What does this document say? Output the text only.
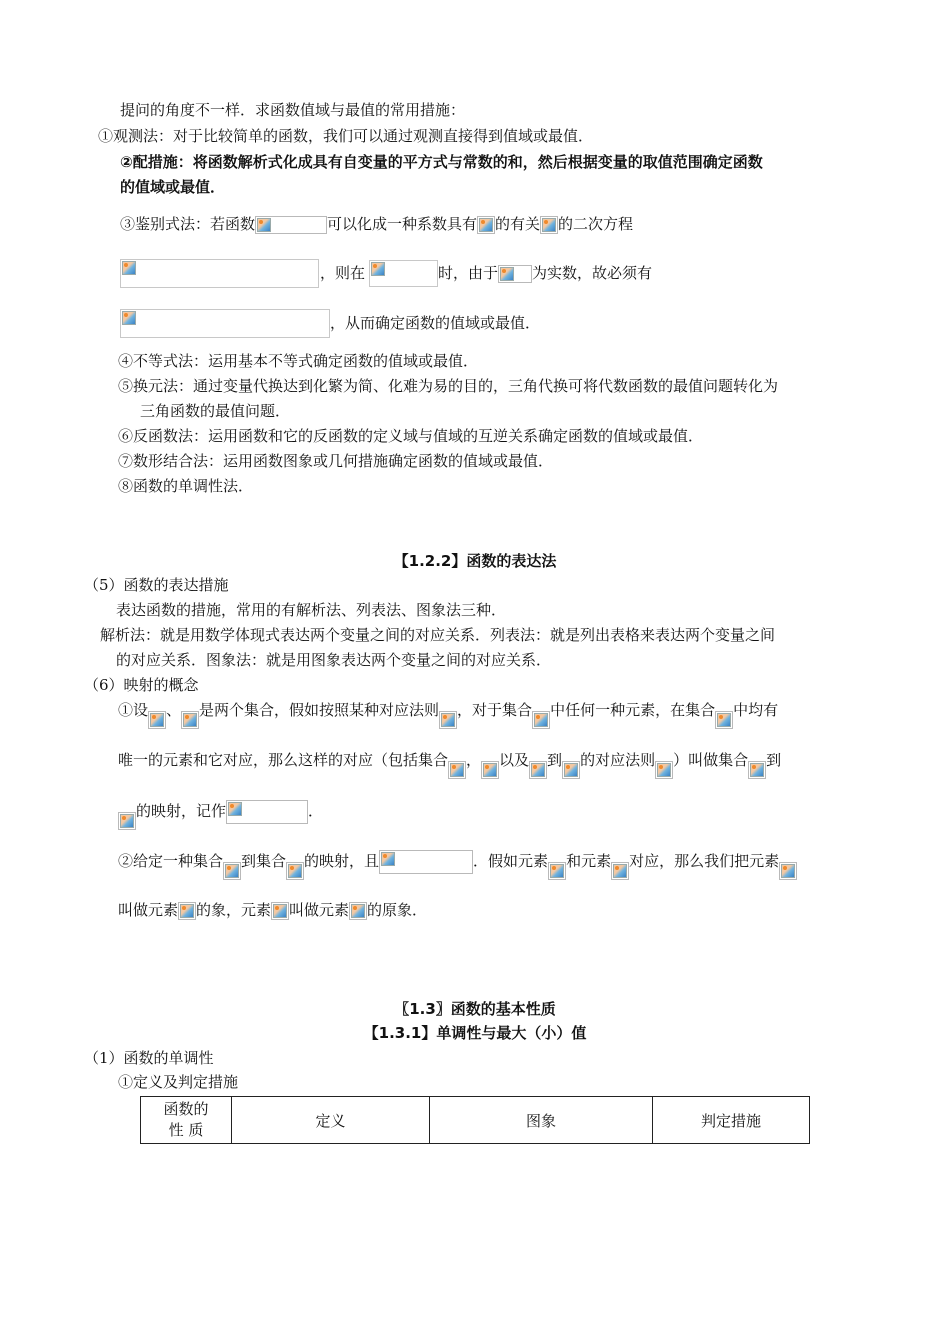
提问的角度不一样．求函数值域与最值的常用措施：
①观测法：对于比较简单的函数，我们可以通过观测直接得到值域或最值．
②配措施：将函数解析式化成具有自变量的平方式与常数的和，然后根据变量的取值范围确定函数
的值域或最值．
③鉴别式法：若函数	可以化成一种系数具有 的有关 的二次方程
，则在	时，由于 为实数，故必须有
，从而确定函数的值域或最值．
④不等式法：运用基本不等式确定函数的值域或最值．
⑤换元法：通过变量代换达到化繁为简、化难为易的目的，三角代换可将代数函数的最值问题转化为
三角函数的最值问题．
⑥反函数法：运用函数和它的反函数的定义域与值域的互逆关系确定函数的值域或最值．
⑦数形结合法：运用函数图象或几何措施确定函数的值域或最值．
⑧函数的单调性法．
【1.2.2】函数的表达法
（5）函数的表达措施
表达函数的措施，常用的有解析法、列表法、图象法三种．
解析法：就是用数学体现式表达两个变量之间的对应关系．列表法：就是列出表格来表达两个变量之间
的对应关系．图象法：就是用图象表达两个变量之间的对应关系．
（6）映射的概念
①设 、 是两个集合，假如按照某种对应法则 ，对于集合 中任何一种元素，在集合 中均有
唯一的元素和它对应，那么这样的对应（包括集合 ， 以及 到 的对应法则 ）叫做集合 到
的映射，记作	．
②给定一种集合 到集合 的映射，且	．假如元素 和元素 对应，那么我们把元素
叫做元素 的象，元素 叫做元素 的原象．
〖1.3〗函数的基本性质
【1.3.1】单调性与最大（小）值
（1）函数的单调性
①定义及判定措施
函数的
性 质
	定义	图象	判定措施
